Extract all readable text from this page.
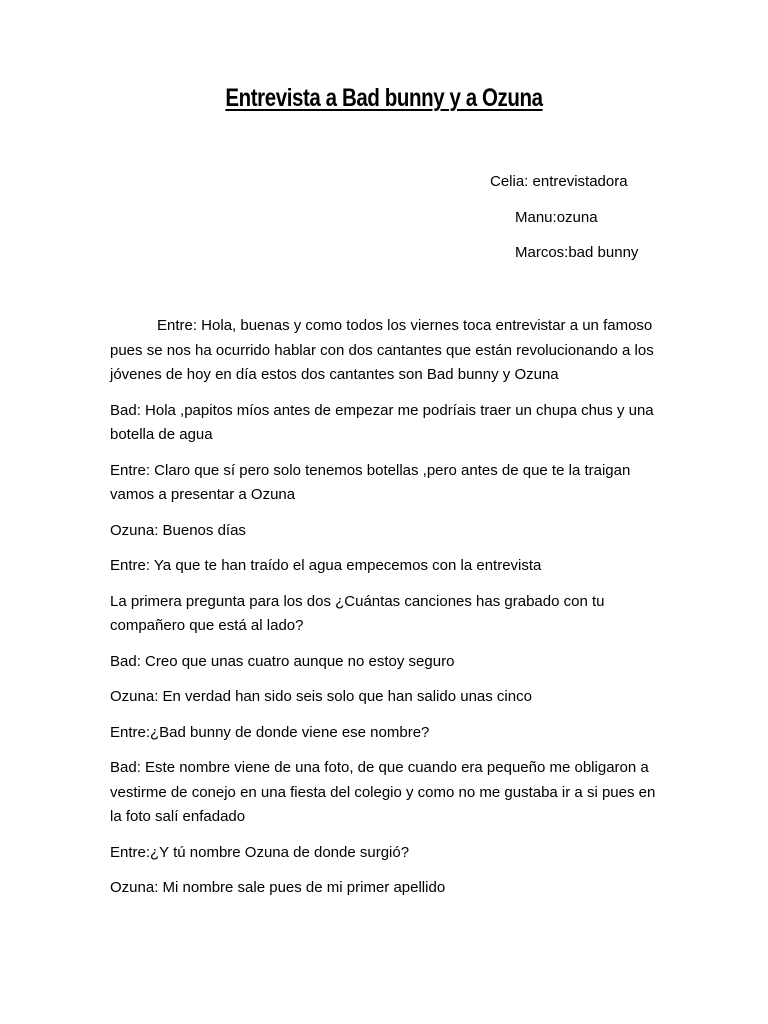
Entrevista a Bad bunny y a Ozuna
Celia: entrevistadora
Manu:ozuna
Marcos:bad bunny

Entre: Hola, buenas y como todos los viernes toca entrevistar a un famoso pues se nos ha ocurrido hablar con dos cantantes que están revolucionando a los jóvenes de hoy en día estos dos cantantes son Bad bunny y Ozuna

Bad: Hola ,papitos míos antes de empezar me podríais traer un chupa chus y una botella de agua

Entre: Claro que sí pero solo tenemos botellas ,pero antes de que te la traigan vamos a presentar a Ozuna

Ozuna: Buenos días

Entre: Ya que te han traído el agua empecemos con la entrevista

La primera pregunta para los dos ¿Cuántas canciones has grabado con tu compañero que está al lado?

Bad: Creo que unas cuatro aunque no estoy seguro

Ozuna: En verdad han sido seis solo que han salido unas cinco

Entre:¿Bad bunny de donde viene ese nombre?

Bad: Este nombre viene de una foto, de que cuando era pequeño me obligaron a vestirme de conejo en una fiesta del colegio y como no me gustaba ir a si pues en la foto salí enfadado

Entre:¿Y tú nombre Ozuna de donde surgió?

Ozuna: Mi nombre sale pues de mi primer apellido
